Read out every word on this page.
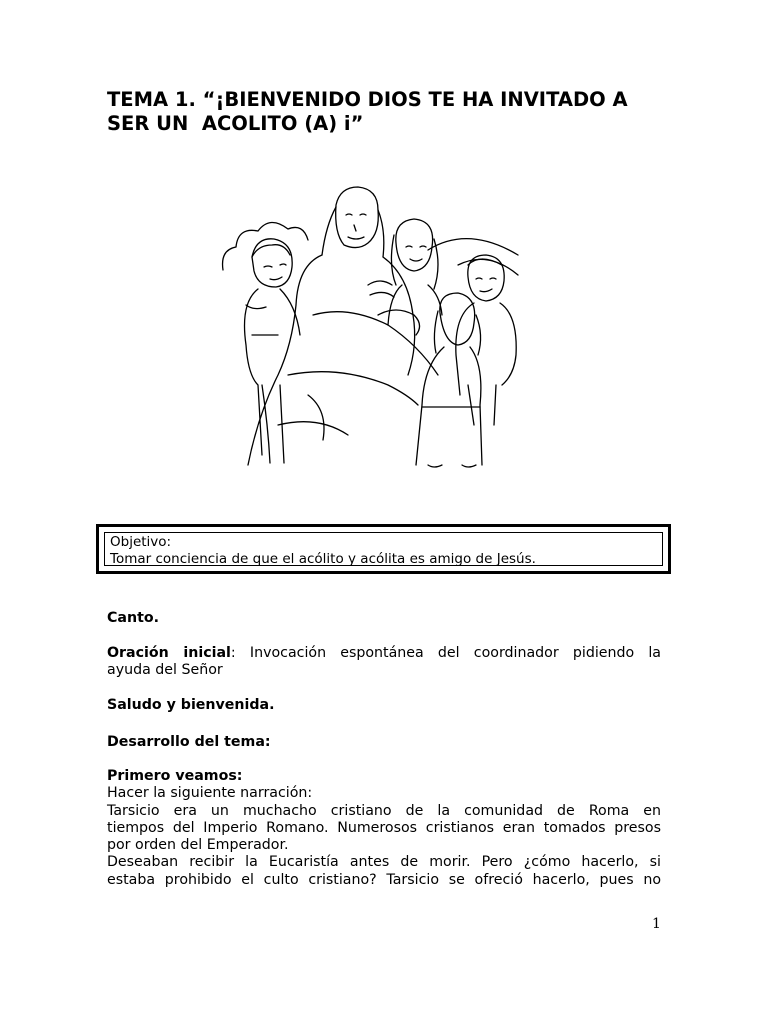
TEMA 1. “¡BIENVENIDO DIOS TE HA INVITADO A
SER UN  ACOLITO (A) i”
Objetivo:
Tomar conciencia de que el acólito y acólita es amigo de Jesús.

Canto.

Oración inicial: Invocación espontánea del coordinador pidiendo la
ayuda del Señor

Saludo y bienvenida.

Desarrollo del tema:

Primero veamos:
Hacer la siguiente narración:
Tarsicio era un muchacho cristiano de la comunidad de Roma en
tiempos del Imperio Romano. Numerosos cristianos eran tomados presos
por orden del Emperador.
Deseaban recibir la Eucaristía antes de morir. Pero ¿cómo hacerlo, si
estaba prohibido el culto cristiano? Tarsicio se ofreció hacerlo, pues no
1
